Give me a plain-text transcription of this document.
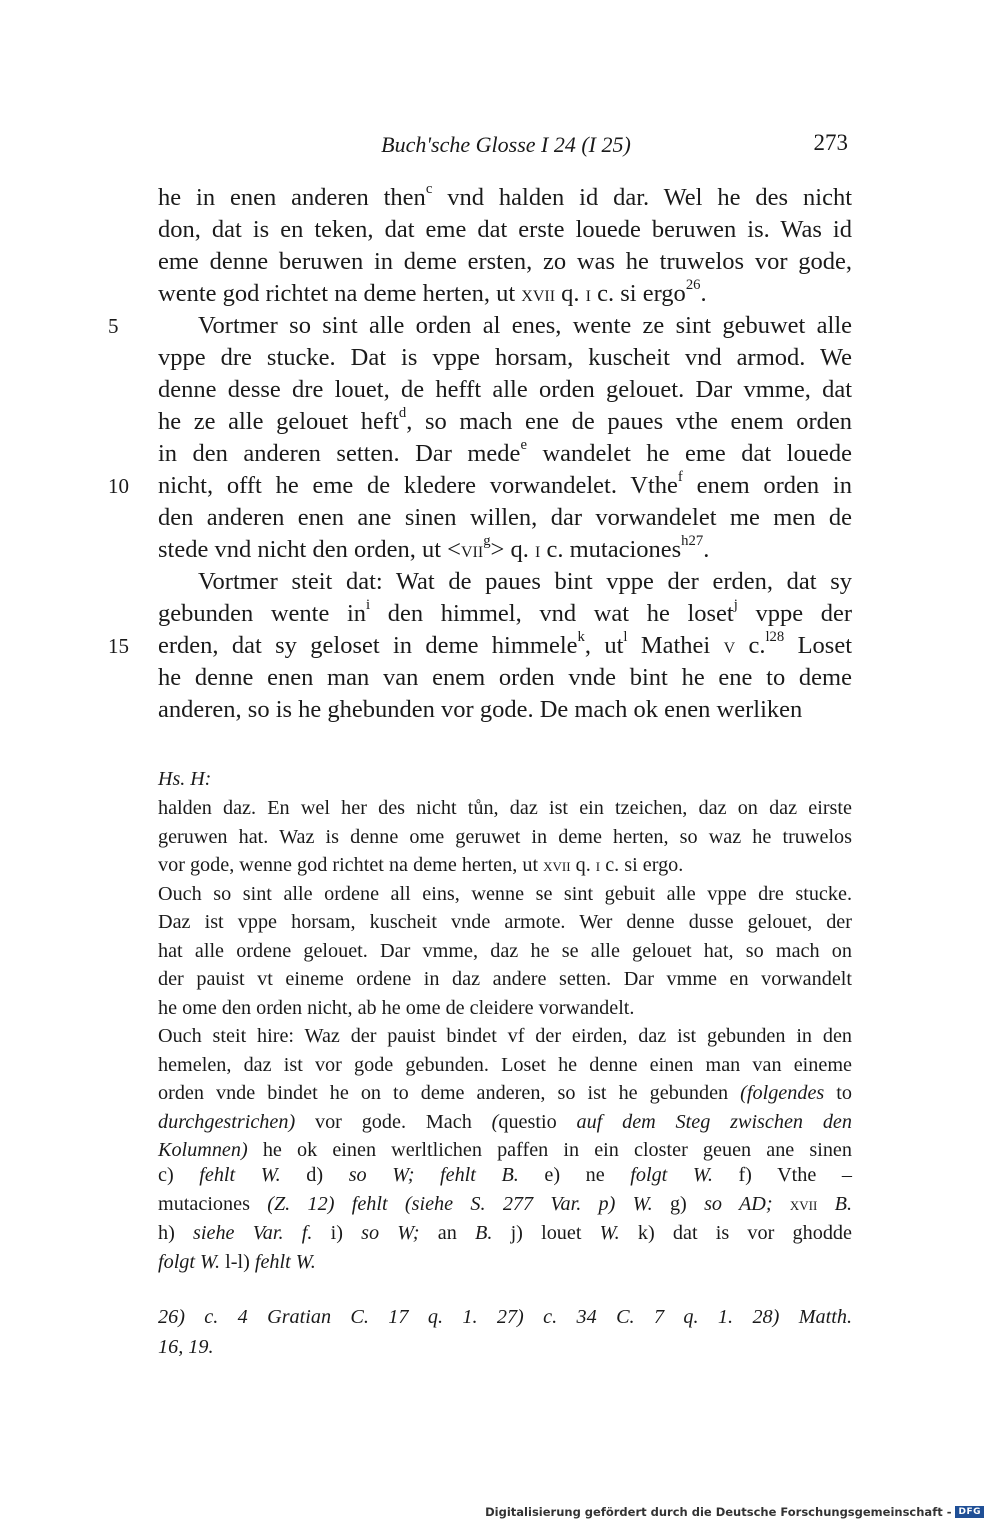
Buch'sche Glosse I 24 (I 25)	273
he in enen anderen then$^c$ vnd halden id dar. Wel he des nicht
don, dat is en teken, dat eme dat erste louede beruwen is. Was id
eme denne beruwen in deme ersten, zo was he truwelos vor gode,
wente god richtet na deme herten, ut xvii q. i c. si ergo$^{26}$.
5	Vortmer so sint alle orden al enes, wente ze sint gebuwet alle
vppe dre stucke. Dat is vppe horsam, kuscheit vnd armod. We
denne desse dre louet, de hefft alle orden gelouet. Dar vmme, dat
he ze alle gelouet heft$^d$, so mach ene de paues vthe enem orden
in den anderen setten. Dar mede$^e$ wandelet he eme dat louede
10	nicht, offt he eme de kledere vorwandelet. Vthe$^f$ enem orden in
den anderen enen ane sinen willen, dar vorwandelet me men de
stede vnd nicht den orden, ut <vii$^g$> q. i c. mutaciones$^{h27}$.
Vortmer steit dat: Wat de paues bint vppe der erden, dat sy
gebunden wente $in^i$ den himmel, vnd wat he loset$^j$ vppe der
15	erden, dat sy geloset in deme himmele$^k$, $ut^l$ Mathei v c.$^{l28}$ Loset
he denne enen man van enem orden vnde bint he ene to deme
anderen, so is he ghebunden vor gode. De mach ok enen werliken
Hs. H:
halden daz. En wel her des nicht tůn, daz ist ein tzeichen, daz on daz eirste
geruwen hat. Waz is denne ome geruwet in deme herten, so waz he truwelos
vor gode, wenne god richtet na deme herten, ut xvii q. i c. si ergo.
Ouch so sint alle ordene all eins, wenne se sint gebuit alle vppe dre stucke.
Daz ist vppe horsam, kuscheit vnde armote. Wer denne dusse gelouet, der
hat alle ordene gelouet. Dar vmme, daz he se alle gelouet hat, so mach on
der pauist vt eineme ordene in daz andere setten. Dar vmme en vorwandelt
he ome den orden nicht, ab he ome de cleidere vorwandelt.
Ouch steit hire: Waz der pauist bindet vf der eirden, daz ist gebunden in den
hemelen, daz ist vor gode gebunden. Loset he denne einen man van eineme
orden vnde bindet he on to deme anderen, so ist he gebunden (folgendes to
durchgestrichen) vor gode. Mach (questio auf dem Steg zwischen den
Kolumnen) he ok einen werltlichen paffen in ein closter geuen ane sinen
c) fehlt W. d) so W; fehlt B. e) ne folgt W. f) Vthe –
mutaciones (Z. 12) fehlt (siehe S. 277 Var. p) W. g) so AD; xvii B.
h) siehe Var. f. i) so W; an B. j) louet W. k) dat is vor ghodde
folgt W. l-l) fehlt W.
26) c. 4 Gratian C. 17 q. 1. 27) c. 34 C. 7 q. 1. 28) Matth.
16, 19.
Digitalisierung gefördert durch die Deutsche Forschungsgemeinschaft - DFG
